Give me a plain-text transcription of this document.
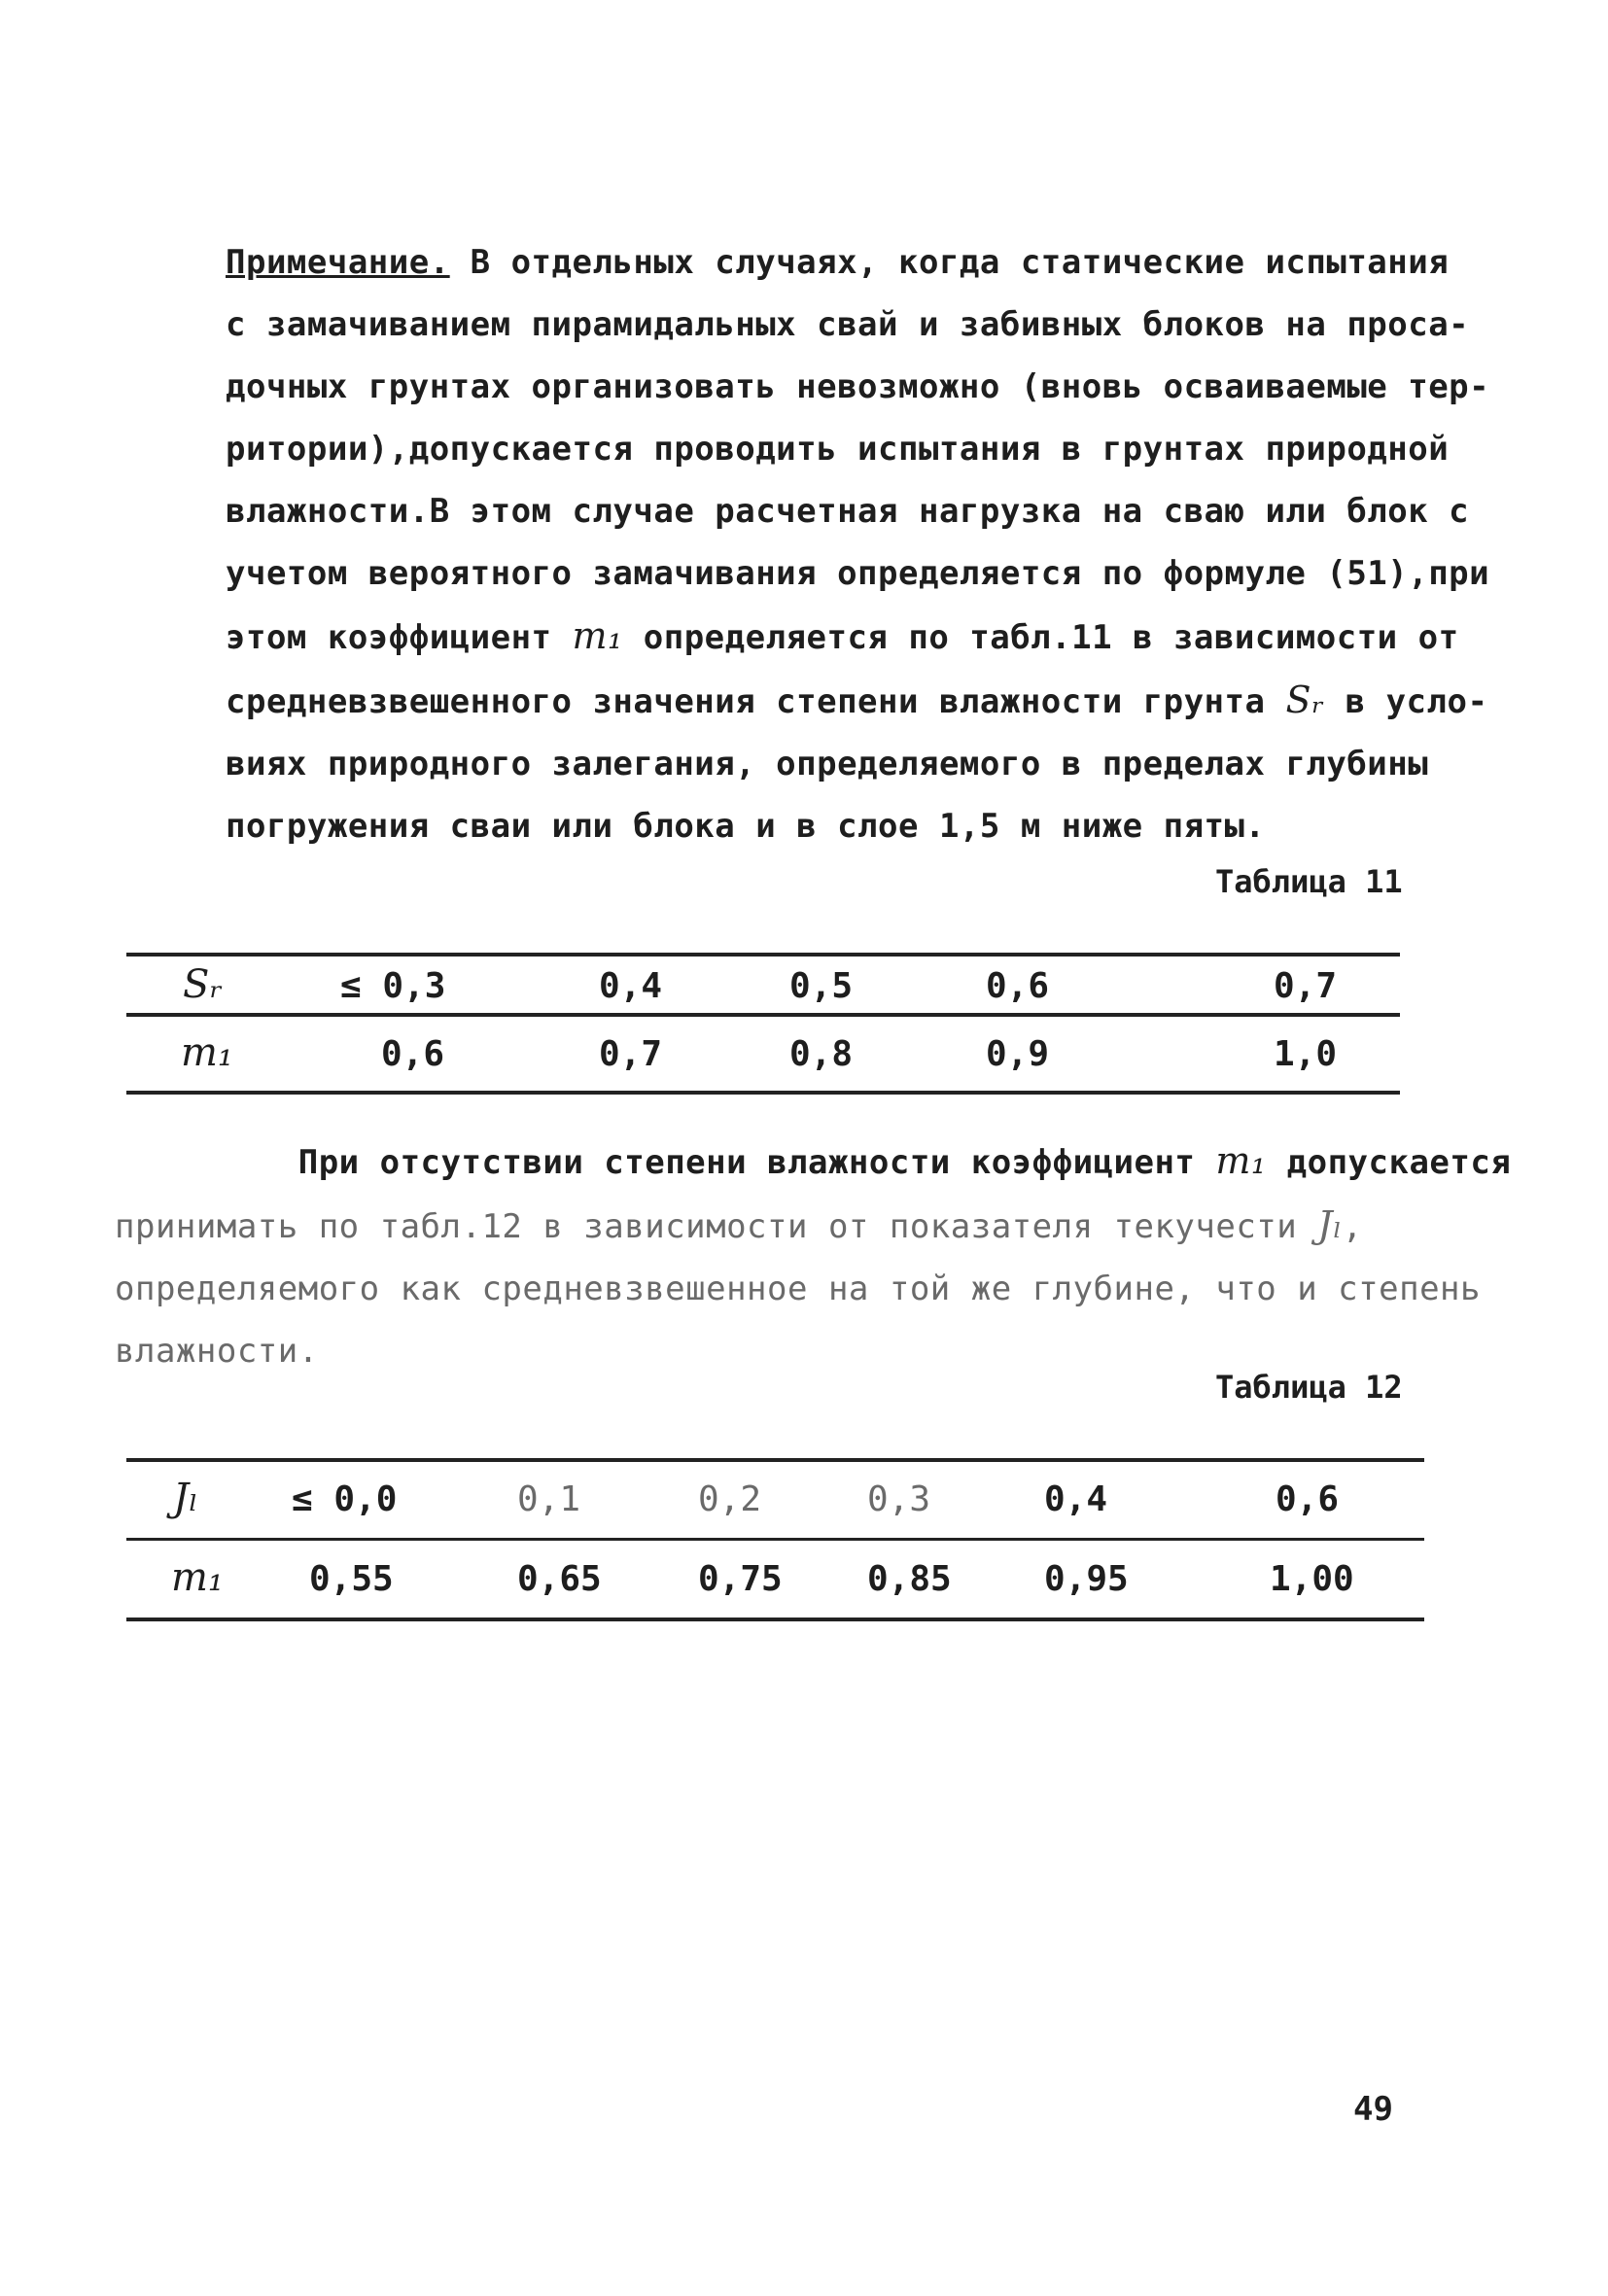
Примечание. В отдельных случаях, когда статические испытания
с замачиванием пирамидальных свай и забивных блоков на проса-
дочных грунтах организовать невозможно (вновь осваиваемые тер-
ритории),допускается проводить испытания в грунтах природной
влажности.В этом случае расчетная нагрузка на сваю или блок с
учетом вероятного замачивания определяется по формуле (51),при
этом коэффициент m₁ определяется по табл.11 в зависимости от
средневзвешенного значения степени влажности грунта Sᵣ в усло-
виях природного залегания, определяемого в пределах глубины
погружения сваи или блока и в слое 1,5 м ниже пяты.
Таблица 11
Sᵣ	≤ 0,3	0,4	0,5	0,6	0,7
m₁	0,6	0,7	0,8	0,9	1,0
При отсутствии степени влажности коэффициент m₁ допускается
принимать по табл.12 в зависимости от показателя текучести Jₗ,
определяемого как средневзвешенное на той же глубине, что и степень
влажности.
Таблица 12
Jₗ	≤ 0,0	0,1	0,2	0,3	0,4	0,6
m₁ 0,55	0,65	0,75 0,85	0,95	1,00
49
